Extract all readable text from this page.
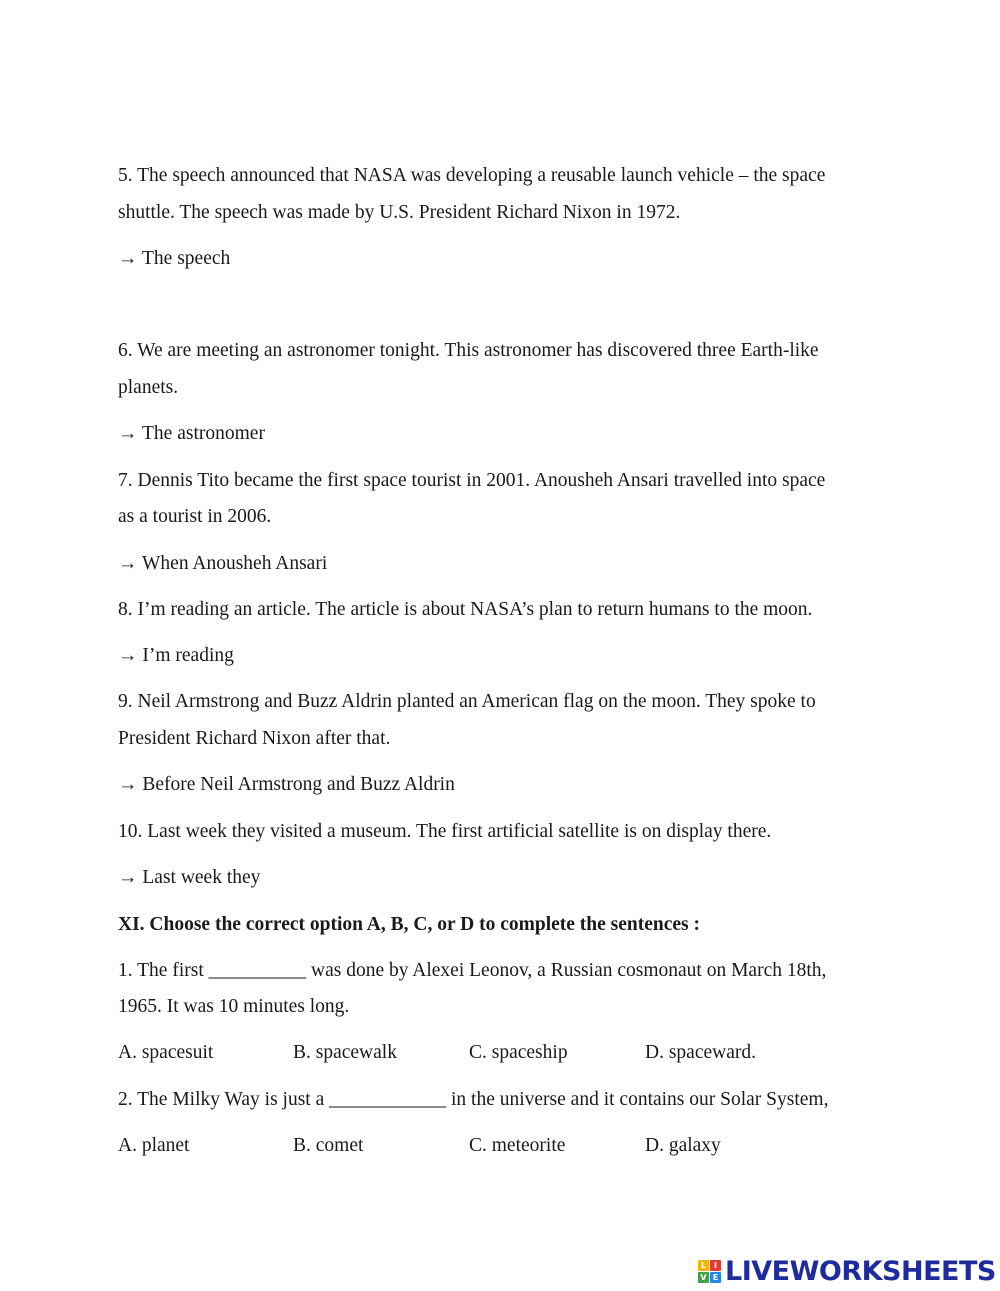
5. The speech announced that NASA was developing a reusable launch vehicle – the space
shuttle. The speech was made by U.S. President Richard Nixon in 1972.
→ The speech
6. We are meeting an astronomer tonight. This astronomer has discovered three Earth-like
planets.
→ The astronomer
7. Dennis Tito became the first space tourist in 2001. Anousheh Ansari travelled into space
as a tourist in 2006.
→ When Anousheh Ansari
8. I’m reading an article. The article is about NASA’s plan to return humans to the moon.
→ I’m reading
9. Neil Armstrong and Buzz Aldrin planted an American flag on the moon. They spoke to
President Richard Nixon after that.
→ Before Neil Armstrong and Buzz Aldrin
10. Last week they visited a museum. The first artificial satellite is on display there.
→ Last week they
XI. Choose the correct option A, B, C, or D to complete the sentences :
1. The first __________ was done by Alexei Leonov, a Russian cosmonaut on March 18th,
1965. It was 10 minutes long.
A. spacesuit	B. spacewalk	C. spaceship	D. spaceward.
2. The Milky Way is just a ____________ in the universe and it contains our Solar System,
A. planet	B. comet	C. meteorite	D. galaxy
L I
V E LIVEWORKSHEETS
